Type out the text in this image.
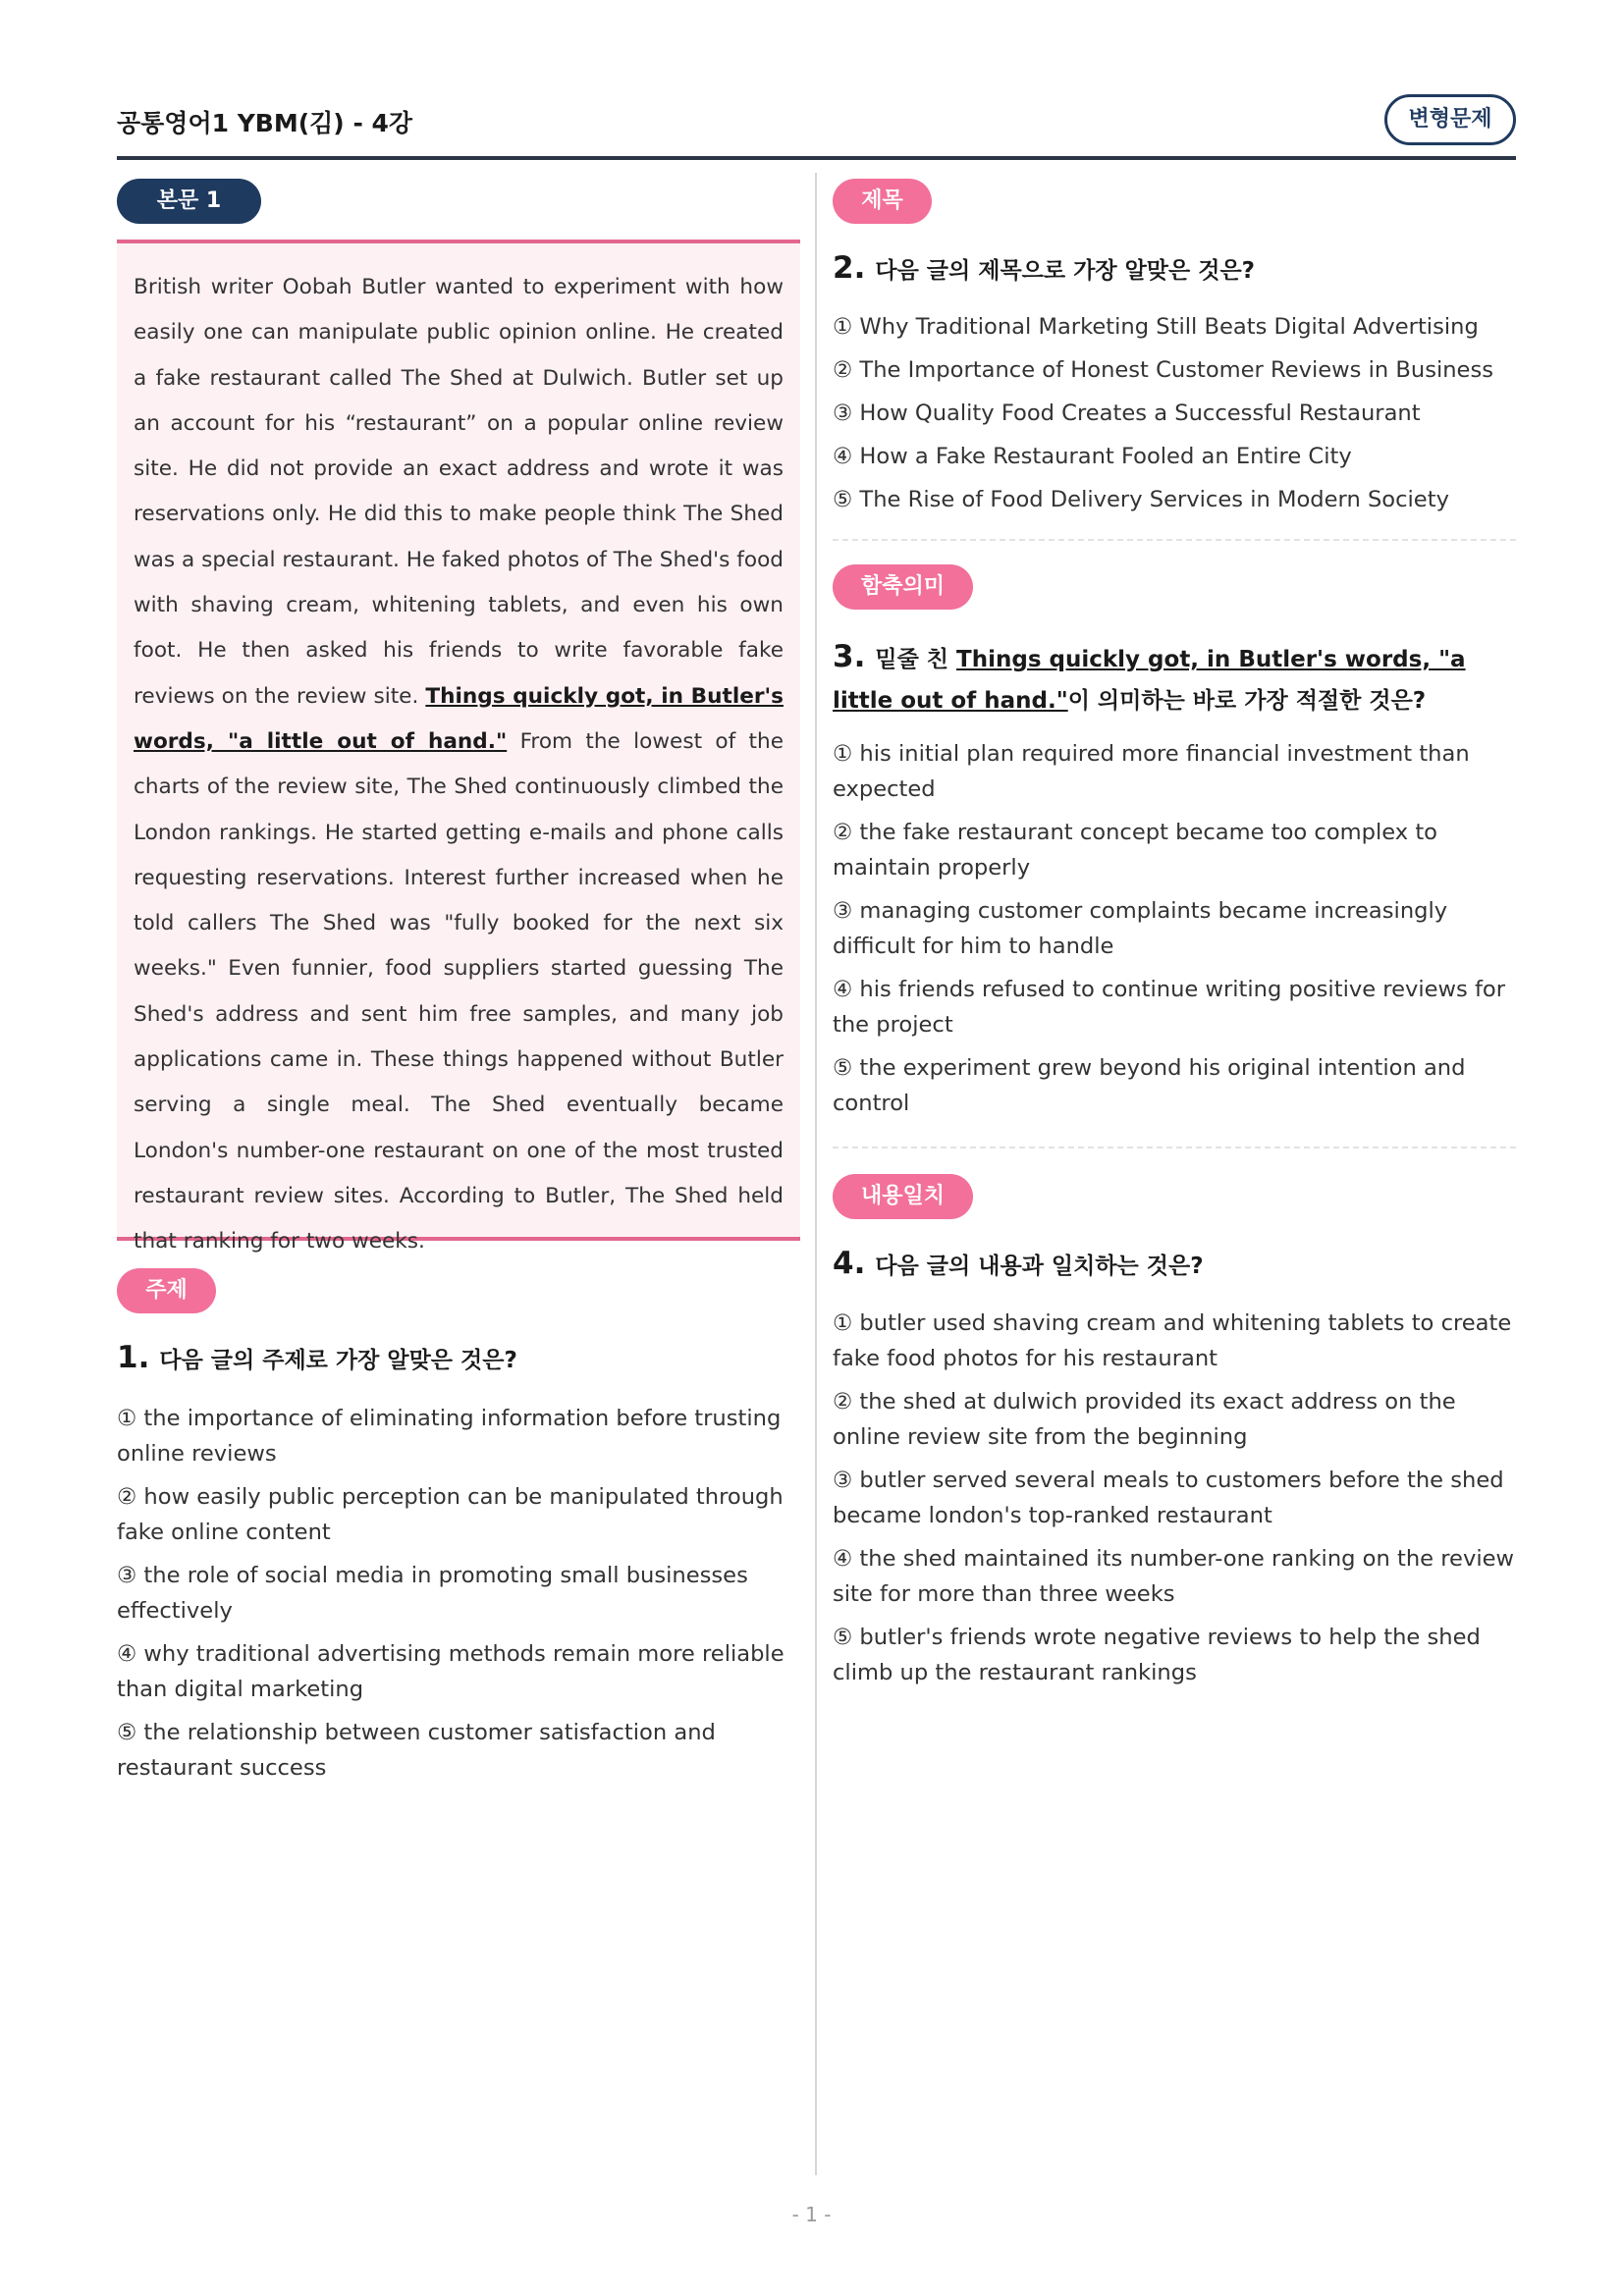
공통영어1 YBM(김) - 4강	변형문제
본문 1

British writer Oobah Butler wanted to experiment with how easily one can manipulate public opinion online. He created a fake restaurant called The Shed at Dulwich. Butler set up an account for his “restaurant” on a popular online review site. He did not provide an exact address and wrote it was reservations only. He did this to make people think The Shed was a special restaurant. He faked photos of The Shed's food with shaving cream, whitening tablets, and even his own foot. He then asked his friends to write favorable fake reviews on the review site. Things quickly got, in Butler's words, "a little out of hand." From the lowest of the charts of the review site, The Shed continuously climbed the London rankings. He started getting e-mails and phone calls requesting reservations. Interest further increased when he told callers The Shed was "fully booked for the next six weeks." Even funnier, food suppliers started guessing The Shed's address and sent him free samples, and many job applications came in. These things happened without Butler serving a single meal. The Shed eventually became London's number-one restaurant on one of the most trusted restaurant review sites. According to Butler, The Shed held that ranking for two weeks.

주제
1. 다음 글의 주제로 가장 알맞은 것은?
① the importance of eliminating information before trusting online reviews
② how easily public perception can be manipulated through fake online content
③ the role of social media in promoting small businesses effectively
④ why traditional advertising methods remain more reliable than digital marketing
⑤ the relationship between customer satisfaction and restaurant success
제목
2. 다음 글의 제목으로 가장 알맞은 것은?
① Why Traditional Marketing Still Beats Digital Advertising
② The Importance of Honest Customer Reviews in Business
③ How Quality Food Creates a Successful Restaurant
④ How a Fake Restaurant Fooled an Entire City
⑤ The Rise of Food Delivery Services in Modern Society
함축의미
3. 밑줄 친 Things quickly got, in Butler's words, "a little out of hand."이 의미하는 바로 가장 적절한 것은?
① his initial plan required more financial investment than expected
② the fake restaurant concept became too complex to maintain properly
③ managing customer complaints became increasingly difficult for him to handle
④ his friends refused to continue writing positive reviews for the project
⑤ the experiment grew beyond his original intention and control
내용일치
4. 다음 글의 내용과 일치하는 것은?
① butler used shaving cream and whitening tablets to create fake food photos for his restaurant
② the shed at dulwich provided its exact address on the online review site from the beginning
③ butler served several meals to customers before the shed became london's top-ranked restaurant
④ the shed maintained its number-one ranking on the review site for more than three weeks
⑤ butler's friends wrote negative reviews to help the shed climb up the restaurant rankings
- 1 -
